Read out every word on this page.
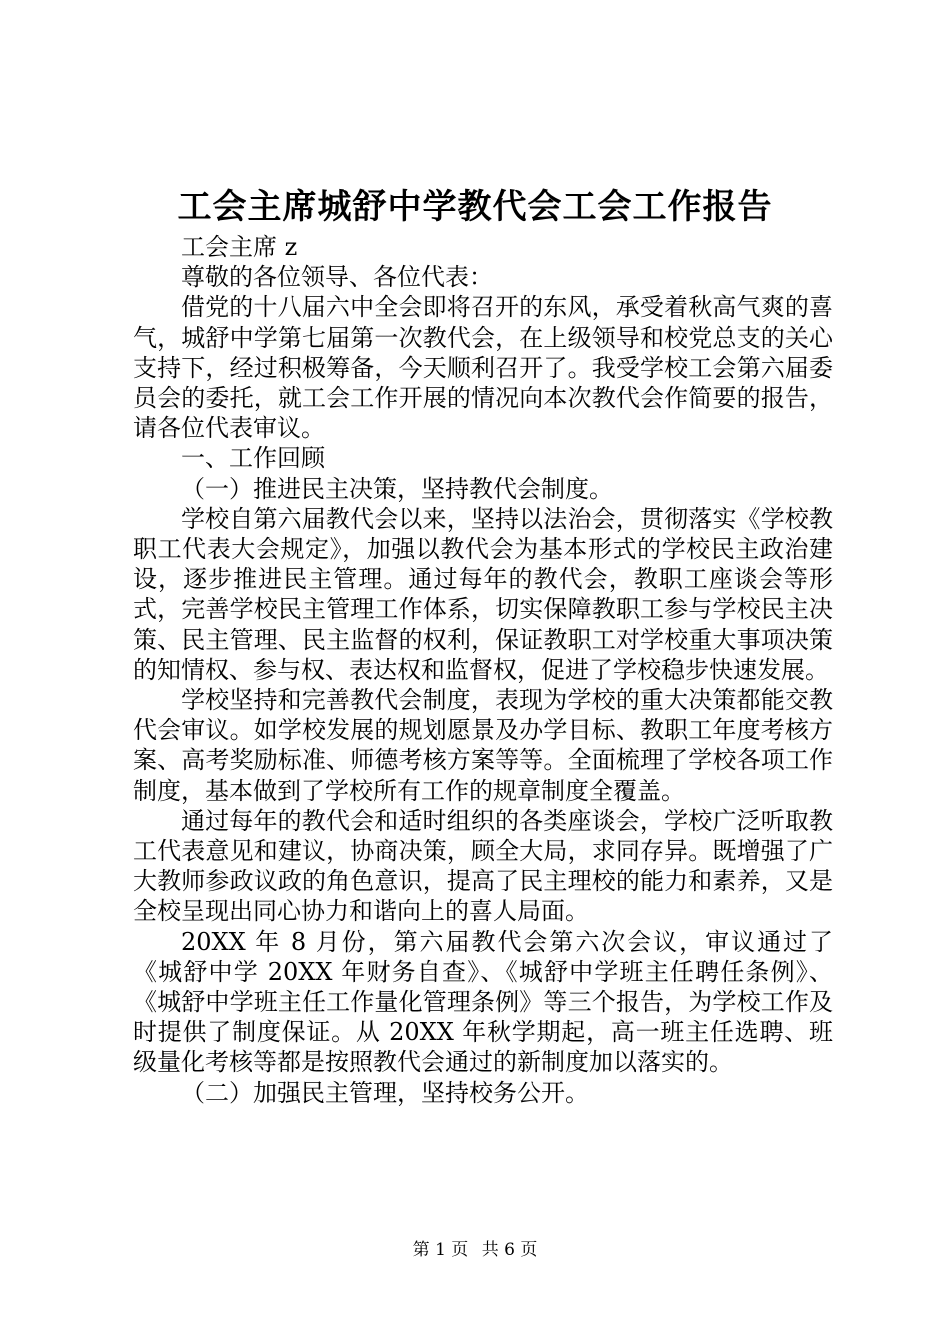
工会主席城舒中学教代会工会工作报告

工会主席 z

尊敬的各位领导、各位代表：

借党的十八届六中全会即将召开的东风，承受着秋高气爽的喜气，城舒中学第七届第一次教代会，在上级领导和校党总支的关心支持下，经过积极筹备，今天顺利召开了。我受学校工会第六届委员会的委托，就工会工作开展的情况向本次教代会作简要的报告，请各位代表审议。

一、工作回顾

（一）推进民主决策，坚持教代会制度。

学校自第六届教代会以来，坚持以法治会，贯彻落实《学校教职工代表大会规定》，加强以教代会为基本形式的学校民主政治建设，逐步推进民主管理。通过每年的教代会，教职工座谈会等形式，完善学校民主管理工作体系，切实保障教职工参与学校民主决策、民主管理、民主监督的权利，保证教职工对学校重大事项决策的知情权、参与权、表达权和监督权，促进了学校稳步快速发展。

学校坚持和完善教代会制度，表现为学校的重大决策都能交教代会审议。如学校发展的规划愿景及办学目标、教职工年度考核方案、高考奖励标准、师德考核方案等等。全面梳理了学校各项工作制度，基本做到了学校所有工作的规章制度全覆盖。

通过每年的教代会和适时组织的各类座谈会，学校广泛听取教工代表意见和建议，协商决策，顾全大局，求同存异。既增强了广大教师参政议政的角色意识，提高了民主理校的能力和素养，又是全校呈现出同心协力和谐向上的喜人局面。

20XX 年 8 月份，第六届教代会第六次会议，审议通过了《城舒中学 20XX 年财务自查》、《城舒中学班主任聘任条例》、《城舒中学班主任工作量化管理条例》等三个报告，为学校工作及时提供了制度保证。从 20XX 年秋学期起，高一班主任选聘、班级量化考核等都是按照教代会通过的新制度加以落实的。

（二）加强民主管理，坚持校务公开。

第 1 页 共 6 页
